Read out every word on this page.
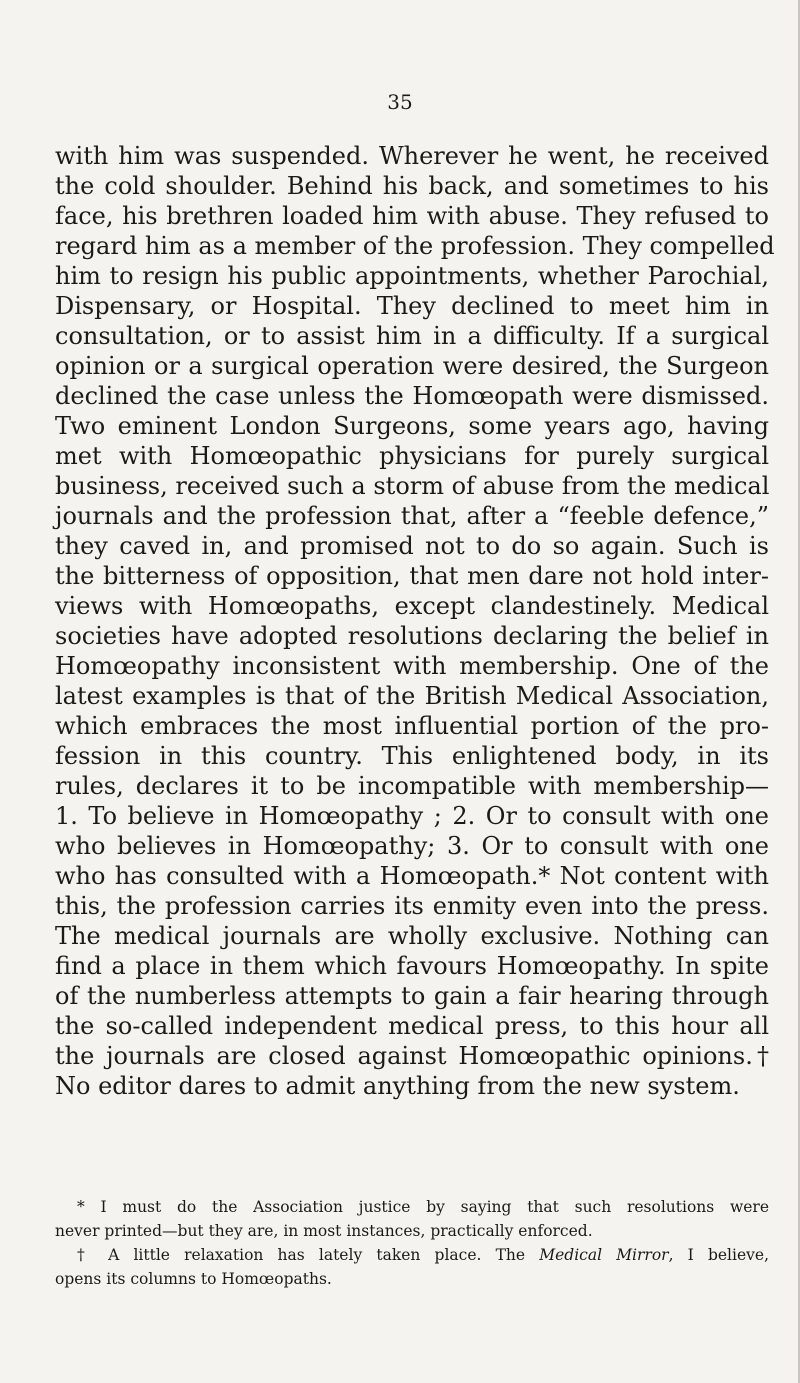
35
with him was suspended. Wherever he went, he received
the cold shoulder. Behind his back, and sometimes to his
face, his brethren loaded him with abuse. They refused to
regard him as a member of the profession. They compelled
him to resign his public appointments, whether Parochial,
Dispensary, or Hospital. They declined to meet him in
consultation, or to assist him in a difficulty. If a surgical
opinion or a surgical operation were desired, the Surgeon
declined the case unless the Homœopath were dismissed.
Two eminent London Surgeons, some years ago, having
met with Homœopathic physicians for purely surgical
business, received such a storm of abuse from the medical
journals and the profession that, after a “feeble defence,”
they caved in, and promised not to do so again. Such is
the bitterness of opposition, that men dare not hold inter-
views with Homœopaths, except clandestinely. Medical
societies have adopted resolutions declaring the belief in
Homœopathy inconsistent with membership. One of the
latest examples is that of the British Medical Association,
which embraces the most influential portion of the pro-
fession in this country. This enlightened body, in its
rules, declares it to be incompatible with membership—
1. To believe in Homœopathy ; 2. Or to consult with one
who believes in Homœopathy; 3. Or to consult with one
who has consulted with a Homœopath.* Not content with
this, the profession carries its enmity even into the press.
The medical journals are wholly exclusive. Nothing can
find a place in them which favours Homœopathy. In spite
of the numberless attempts to gain a fair hearing through
the so-called independent medical press, to this hour all
the journals are closed against Homœopathic opinions.†
No editor dares to admit anything from the new system.
* I must do the Association justice by saying that such resolutions were
never printed—but they are, in most instances, practically enforced.
† A little relaxation has lately taken place. The Medical Mirror, I believe,
opens its columns to Homœopaths.
